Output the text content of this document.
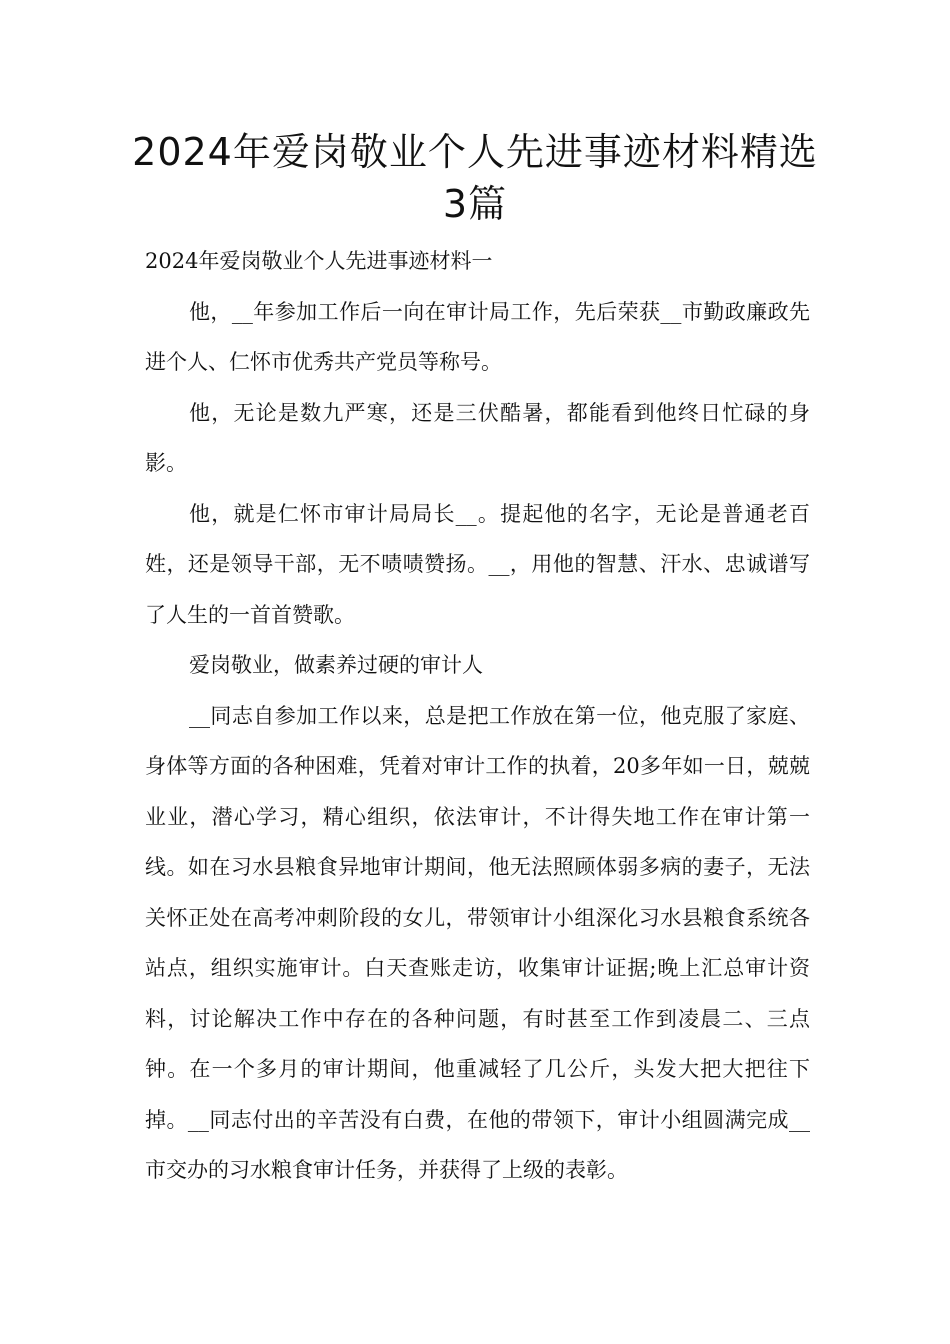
2024年爱岗敬业个人先进事迹材料精选3篇

2024年爱岗敬业个人先进事迹材料一

他，__年参加工作后一向在审计局工作，先后荣获__市勤政廉政先进个人、仁怀市优秀共产党员等称号。

他，无论是数九严寒，还是三伏酷暑，都能看到他终日忙碌的身影。

他，就是仁怀市审计局局长__。提起他的名字，无论是普通老百姓，还是领导干部，无不啧啧赞扬。__，用他的智慧、汗水、忠诚谱写了人生的一首首赞歌。

爱岗敬业，做素养过硬的审计人

__同志自参加工作以来，总是把工作放在第一位，他克服了家庭、身体等方面的各种困难，凭着对审计工作的执着，20多年如一日，兢兢业业，潜心学习，精心组织，依法审计，不计得失地工作在审计第一线。如在习水县粮食异地审计期间，他无法照顾体弱多病的妻子，无法关怀正处在高考冲刺阶段的女儿，带领审计小组深化习水县粮食系统各站点，组织实施审计。白天查账走访，收集审计证据;晚上汇总审计资料，讨论解决工作中存在的各种问题，有时甚至工作到凌晨二、三点钟。在一个多月的审计期间，他重减轻了几公斤，头发大把大把往下掉。__同志付出的辛苦没有白费，在他的带领下，审计小组圆满完成__市交办的习水粮食审计任务，并获得了上级的表彰。
